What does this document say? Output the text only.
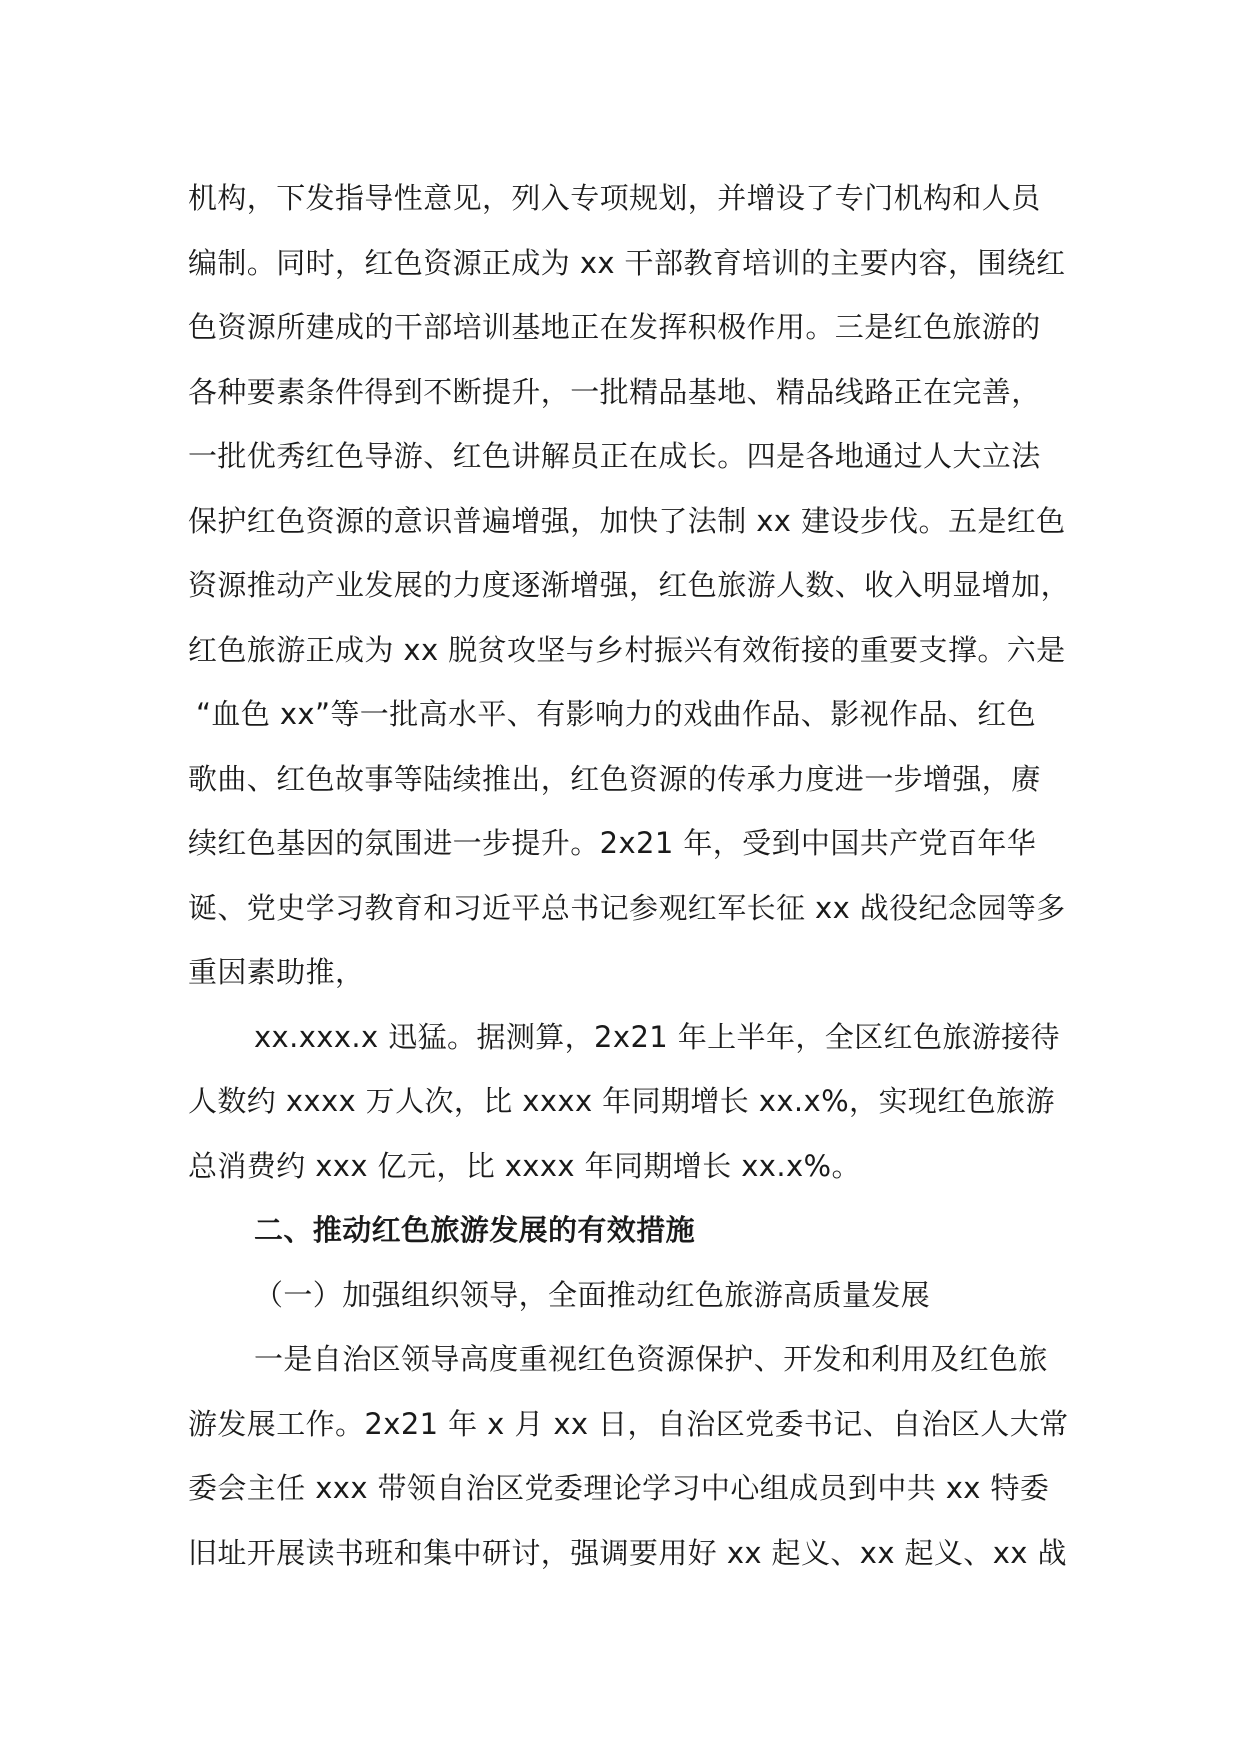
机构，下发指导性意见，列入专项规划，并增设了专门机构和人员
编制。同时，红色资源正成为 xx 干部教育培训的主要内容，围绕红
色资源所建成的干部培训基地正在发挥积极作用。三是红色旅游的
各种要素条件得到不断提升，一批精品基地、精品线路正在完善，
一批优秀红色导游、红色讲解员正在成长。四是各地通过人大立法
保护红色资源的意识普遍增强，加快了法制 xx 建设步伐。五是红色
资源推动产业发展的力度逐渐增强，红色旅游人数、收入明显增加，
红色旅游正成为 xx 脱贫攻坚与乡村振兴有效衔接的重要支撑。六是
“血色 xx”等一批高水平、有影响力的戏曲作品、影视作品、红色
歌曲、红色故事等陆续推出，红色资源的传承力度进一步增强，赓
续红色基因的氛围进一步提升。2x21 年，受到中国共产党百年华
诞、党史学习教育和习近平总书记参观红军长征 xx 战役纪念园等多
重因素助推，
xx.xxx.x 迅猛。据测算，2x21 年上半年，全区红色旅游接待
人数约 xxxx 万人次，比 xxxx 年同期增长 xx.x%，实现红色旅游
总消费约 xxx 亿元，比 xxxx 年同期增长 xx.x%。
二、推动红色旅游发展的有效措施
（一）加强组织领导，全面推动红色旅游高质量发展
一是自治区领导高度重视红色资源保护、开发和利用及红色旅
游发展工作。2x21 年 x 月 xx 日，自治区党委书记、自治区人大常
委会主任 xxx 带领自治区党委理论学习中心组成员到中共 xx 特委
旧址开展读书班和集中研讨，强调要用好 xx 起义、xx 起义、xx 战
